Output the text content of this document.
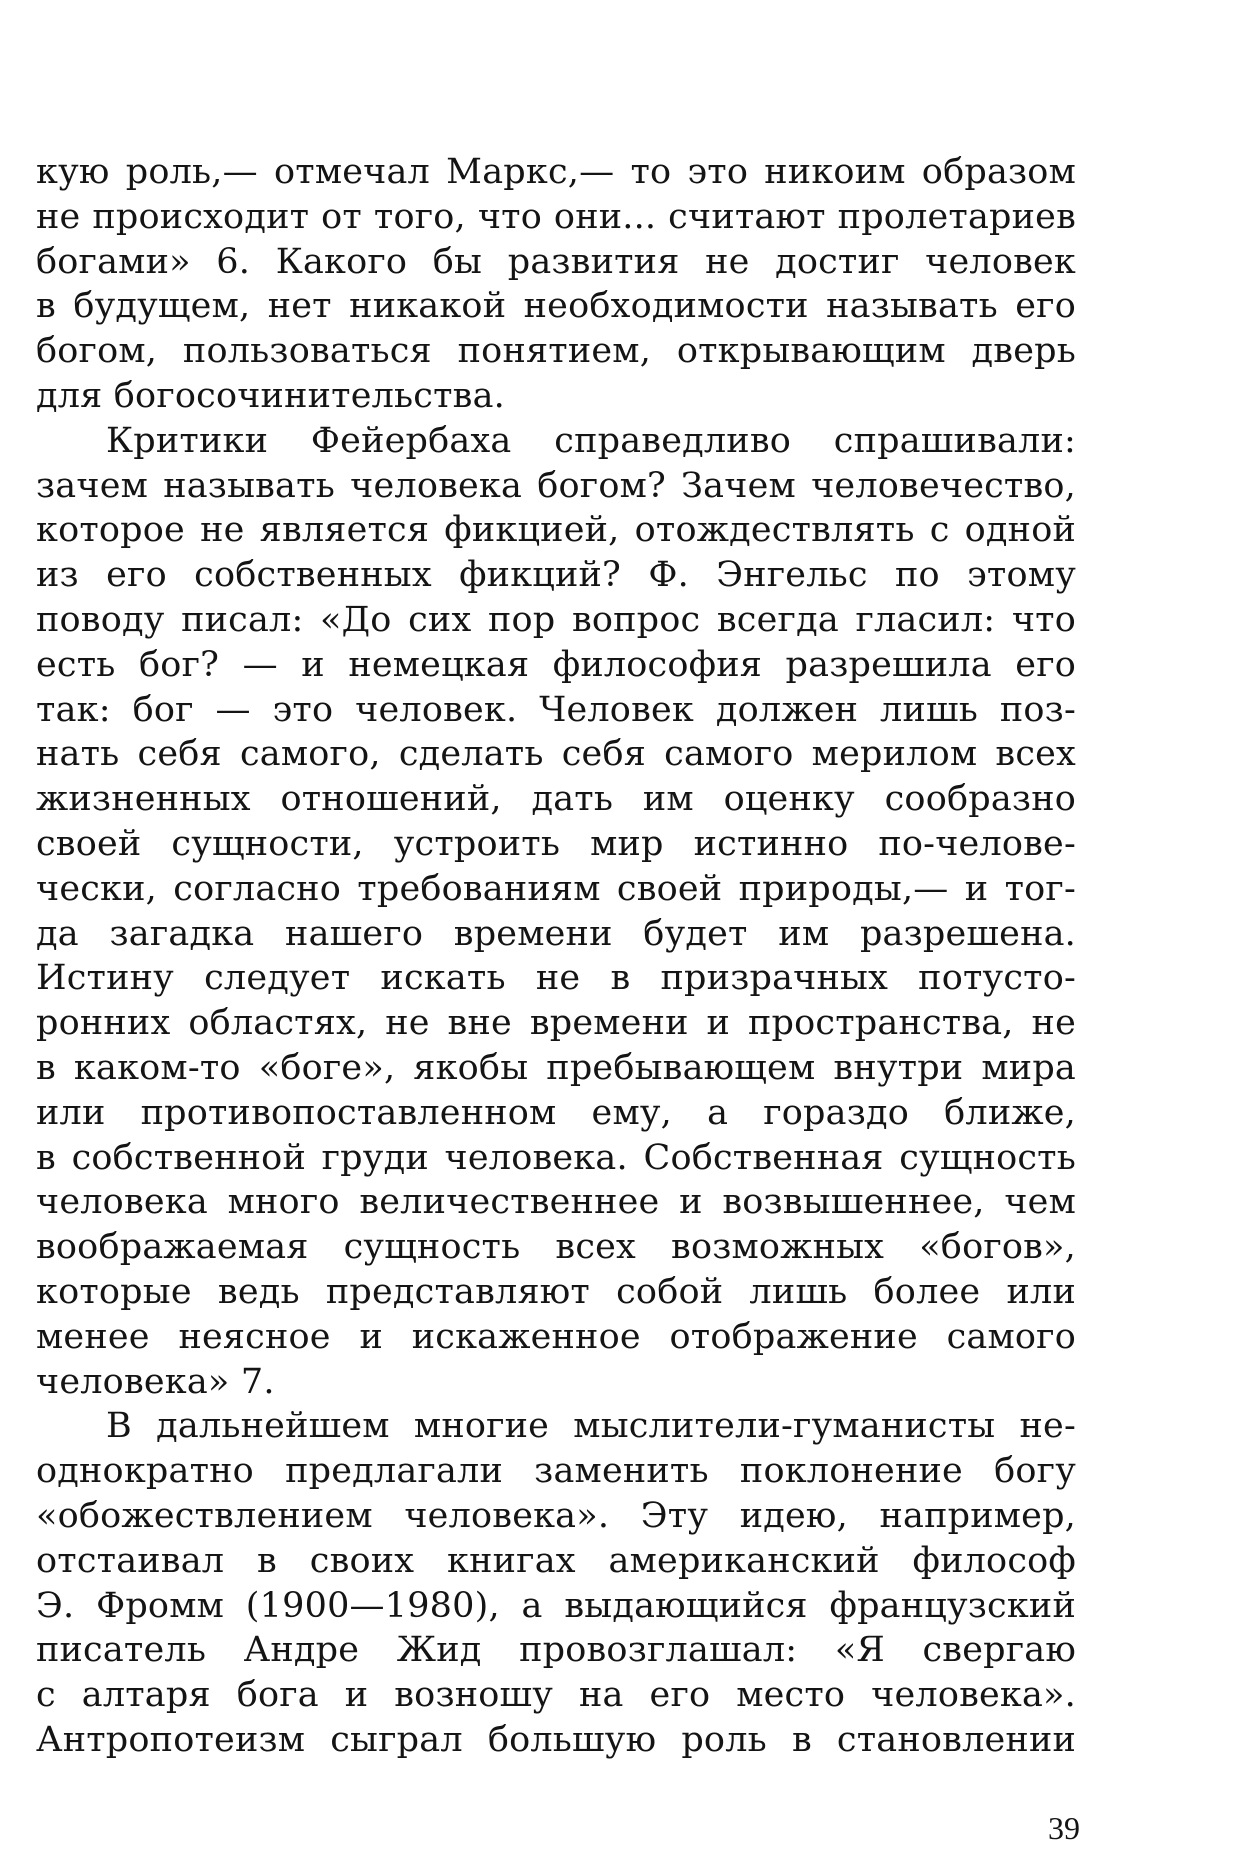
кую роль,— отмечал Маркс,— то это никоим образом
не происходит от того, что они... считают пролетариев
богами» 6. Какого бы развития не достиг человек
в будущем, нет никакой необходимости называть его
богом, пользоваться понятием, открывающим дверь
для богосочинительства.
Критики Фейербаха справедливо спрашивали:
зачем называть человека богом? Зачем человечество,
которое не является фикцией, отождествлять с одной
из его собственных фикций? Ф. Энгельс по этому
поводу писал: «До сих пор вопрос всегда гласил: что
есть бог? — и немецкая философия разрешила его
так: бог — это человек. Человек должен лишь поз-
нать себя самого, сделать себя самого мерилом всех
жизненных отношений, дать им оценку сообразно
своей сущности, устроить мир истинно по-челове-
чески, согласно требованиям своей природы,— и тог-
да загадка нашего времени будет им разрешена.
Истину следует искать не в призрачных потусто-
ронних областях, не вне времени и пространства, не
в каком-то «боге», якобы пребывающем внутри мира
или противопоставленном ему, а гораздо ближе,
в собственной груди человека. Собственная сущность
человека много величественнее и возвышеннее, чем
воображаемая сущность всех возможных «богов»,
которые ведь представляют собой лишь более или
менее неясное и искаженное отображение самого
человека» 7.
В дальнейшем многие мыслители-гуманисты не-
однократно предлагали заменить поклонение богу
«обожествлением человека». Эту идею, например,
отстаивал в своих книгах американский философ
Э. Фромм (1900—1980), а выдающийся французский
писатель Андре Жид провозглашал: «Я свергаю
с алтаря бога и возношу на его место человека».
Антропотеизм сыграл большую роль в становлении
39
